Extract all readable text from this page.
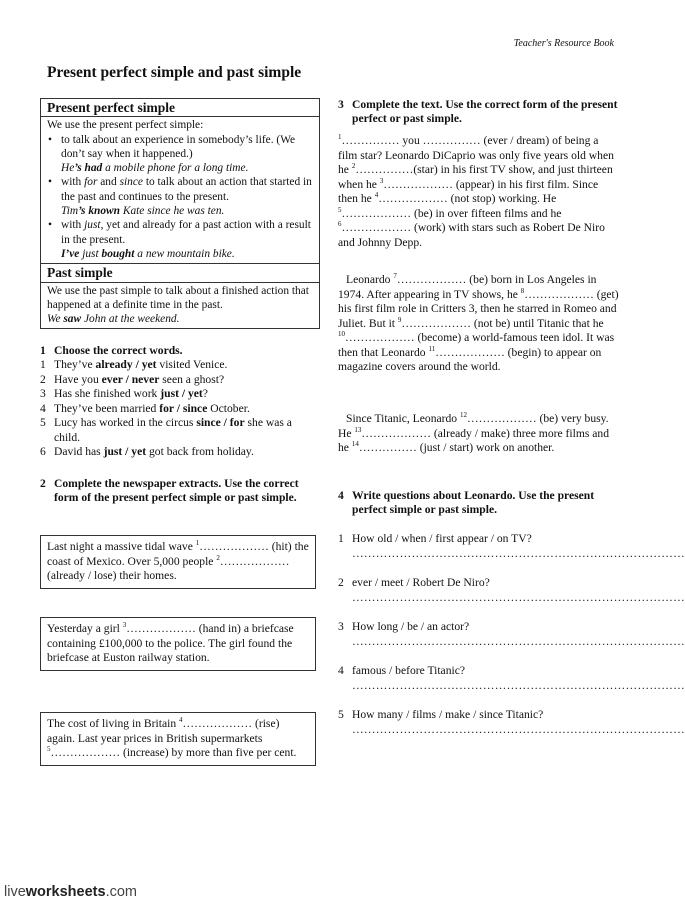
Teacher's Resource Book
Present perfect simple and past simple
Present perfect simple
We use the present perfect simple:
• to talk about an experience in somebody’s life. (We don’t say when it happened.)
He’s had a mobile phone for a long time.
• with for and since to talk about an action that started in the past and continues to the present.
Tim’s known Kate since he was ten.
• with just, yet and already for a past action with a result in the present.
I’ve just bought a new mountain bike.
Past simple
We use the past simple to talk about a finished action that happened at a definite time in the past.
We saw John at the weekend.
1 Choose the correct words.
1 They’ve already / yet visited Venice.
2 Have you ever / never seen a ghost?
3 Has she finished work just / yet?
4 They’ve been married for / since October.
5 Lucy has worked in the circus since / for she was a child.
6 David has just / yet got back from holiday.
2 Complete the newspaper extracts. Use the correct form of the present perfect simple or past simple.
Last night a massive tidal wave $^1$……………… (hit) the coast of Mexico. Over 5,000 people $^2$……………… (already / lose) their homes.
Yesterday a girl $^3$……………… (hand in) a briefcase containing £100,000 to the police. The girl found the briefcase at Euston railway station.
The cost of living in Britain $^4$……………… (rise) again. Last year prices in British supermarkets $^5$……………… (increase) by more than five per cent.
3 Complete the text. Use the correct form of the present perfect or past simple.
$^1$…………… you …………… (ever / dream) of being a film star? Leonardo DiCaprio was only five years old when he $^2$……………(star) in his first TV show, and just thirteen when he $^3$……………… (appear) in his first film. Since then he $^4$……………… (not stop) working. He $^5$……………… (be) in over fifteen films and he $^6$……………… (work) with stars such as Robert De Niro and Johnny Depp.
Leonardo $^7$……………… (be) born in Los Angeles in 1974. After appearing in TV shows, he $^8$……………… (get) his first film role in Critters 3, then he starred in Romeo and Juliet. But it $^9$……………… (not be) until Titanic that he $^{10}$……………… (become) a world-famous teen idol. It was then that Leonardo $^{11}$……………… (begin) to appear on magazine covers around the world.
Since Titanic, Leonardo $^{12}$……………… (be) very busy. He $^{13}$……………… (already / make) three more films and he $^{14}$…………… (just / start) work on another.
4 Write questions about Leonardo. Use the present perfect simple or past simple.
1 How old / when / first appear / on TV?
…………………………………………………………………………
2 ever / meet / Robert De Niro?
…………………………………………………………………………
3 How long / be / an actor?
…………………………………………………………………………
4 famous / before Titanic?
…………………………………………………………………………
5 How many / films / make / since Titanic?
…………………………………………………………………………
liveworksheets.com
